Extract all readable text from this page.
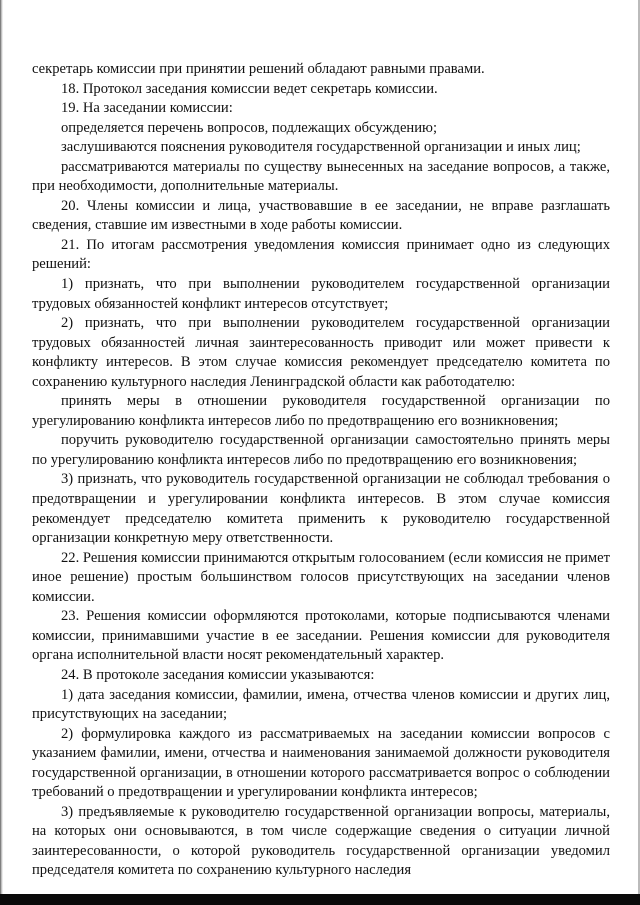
секретарь комиссии при принятии решений обладают равными правами.

18. Протокол заседания комиссии ведет секретарь комиссии.

19. На заседании комиссии:

определяется перечень вопросов, подлежащих обсуждению;

заслушиваются пояснения руководителя государственной организации и иных лиц;

рассматриваются материалы по существу вынесенных на заседание вопросов, а также, при необходимости, дополнительные материалы.

20. Члены комиссии и лица, участвовавшие в ее заседании, не вправе разглашать сведения, ставшие им известными в ходе работы комиссии.

21. По итогам рассмотрения уведомления комиссия принимает одно из следующих решений:

1) признать, что при выполнении руководителем государственной организации трудовых обязанностей конфликт интересов отсутствует;

2) признать, что при выполнении руководителем государственной организации трудовых обязанностей личная заинтересованность приводит или может привести к конфликту интересов. В этом случае комиссия рекомендует председателю комитета по сохранению культурного наследия Ленинградской области как работодателю:

принять меры в отношении руководителя государственной организации по урегулированию конфликта интересов либо по предотвращению его возникновения;

поручить руководителю государственной организации самостоятельно принять меры по урегулированию конфликта интересов либо по предотвращению его возникновения;

3) признать, что руководитель государственной организации не соблюдал требования о предотвращении и урегулировании конфликта интересов. В этом случае комиссия рекомендует председателю комитета применить к руководителю государственной организации конкретную меру ответственности.

22. Решения комиссии принимаются открытым голосованием (если комиссия не примет иное решение) простым большинством голосов присутствующих на заседании членов комиссии.

23. Решения комиссии оформляются протоколами, которые подписываются членами комиссии, принимавшими участие в ее заседании. Решения комиссии для руководителя органа исполнительной власти носят рекомендательный характер.

24. В протоколе заседания комиссии указываются:

1) дата заседания комиссии, фамилии, имена, отчества членов комиссии и других лиц, присутствующих на заседании;

2) формулировка каждого из рассматриваемых на заседании комиссии вопросов с указанием фамилии, имени, отчества и наименования занимаемой должности руководителя государственной организации, в отношении которого рассматривается вопрос о соблюдении требований о предотвращении и урегулировании конфликта интересов;

3) предъявляемые к руководителю государственной организации вопросы, материалы, на которых они основываются, в том числе содержащие сведения о ситуации личной заинтересованности, о которой руководитель государственной организации уведомил председателя комитета по сохранению культурного наследия
